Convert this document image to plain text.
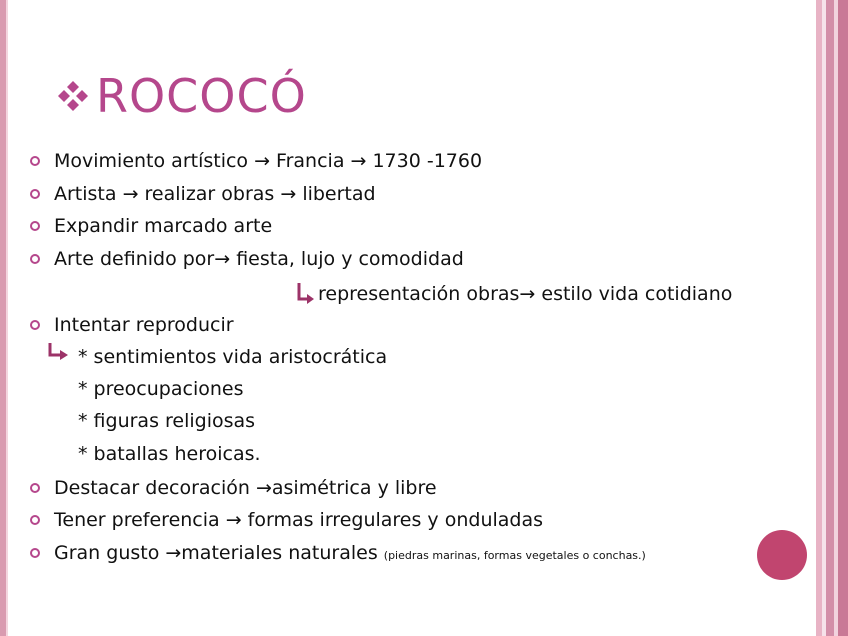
ROCOCÓ
Movimiento artístico → Francia → 1730 -1760
Artista → realizar obras → libertad
Expandir marcado arte
Arte definido por→ fiesta, lujo y comodidad
representación obras→ estilo vida cotidiano
Intentar reproducir
* sentimientos vida aristocrática
* preocupaciones
* figuras religiosas
* batallas heroicas.
Destacar decoración →asimétrica y libre
Tener preferencia → formas irregulares y onduladas
Gran gusto →materiales naturales (piedras marinas, formas vegetales o conchas.)
